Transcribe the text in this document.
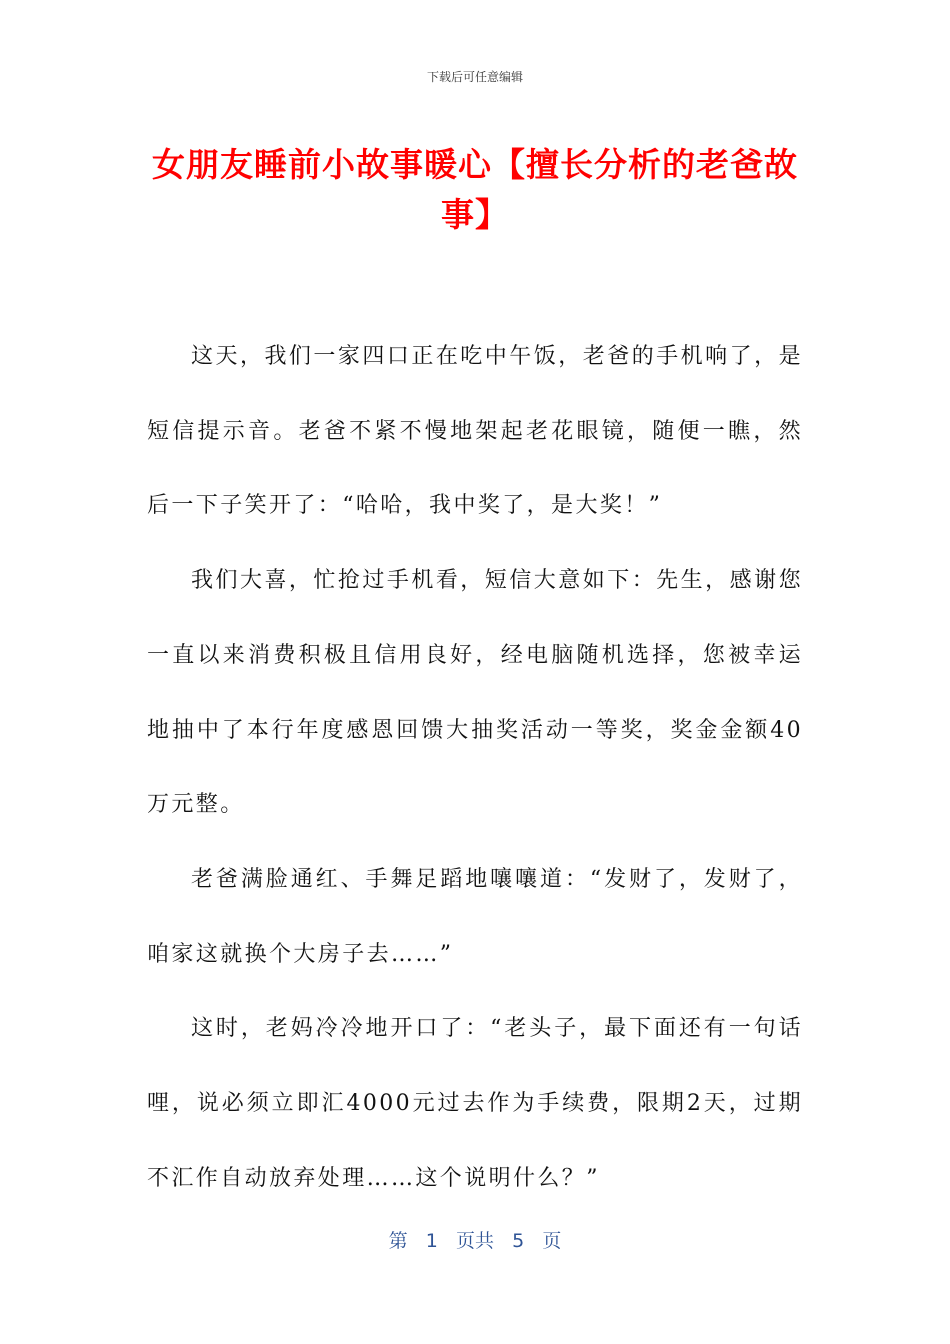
下载后可任意编辑
女朋友睡前小故事暖心【擅长分析的老爸故事】

这天，我们一家四口正在吃中午饭，老爸的手机响了，是短信提示音。老爸不紧不慢地架起老花眼镜，随便一瞧，然后一下子笑开了：“哈哈，我中奖了，是大奖！”

我们大喜，忙抢过手机看，短信大意如下：先生，感谢您一直以来消费积极且信用良好，经电脑随机选择，您被幸运地抽中了本行年度感恩回馈大抽奖活动一等奖，奖金金额40万元整。

老爸满脸通红、手舞足蹈地嚷嚷道：“发财了，发财了，咱家这就换个大房子去……”

这时，老妈冷冷地开口了：“老头子，最下面还有一句话哩，说必须立即汇4000元过去作为手续费，限期2天，过期不汇作自动放弃处理……这个说明什么？”

第 1 页共 5 页
